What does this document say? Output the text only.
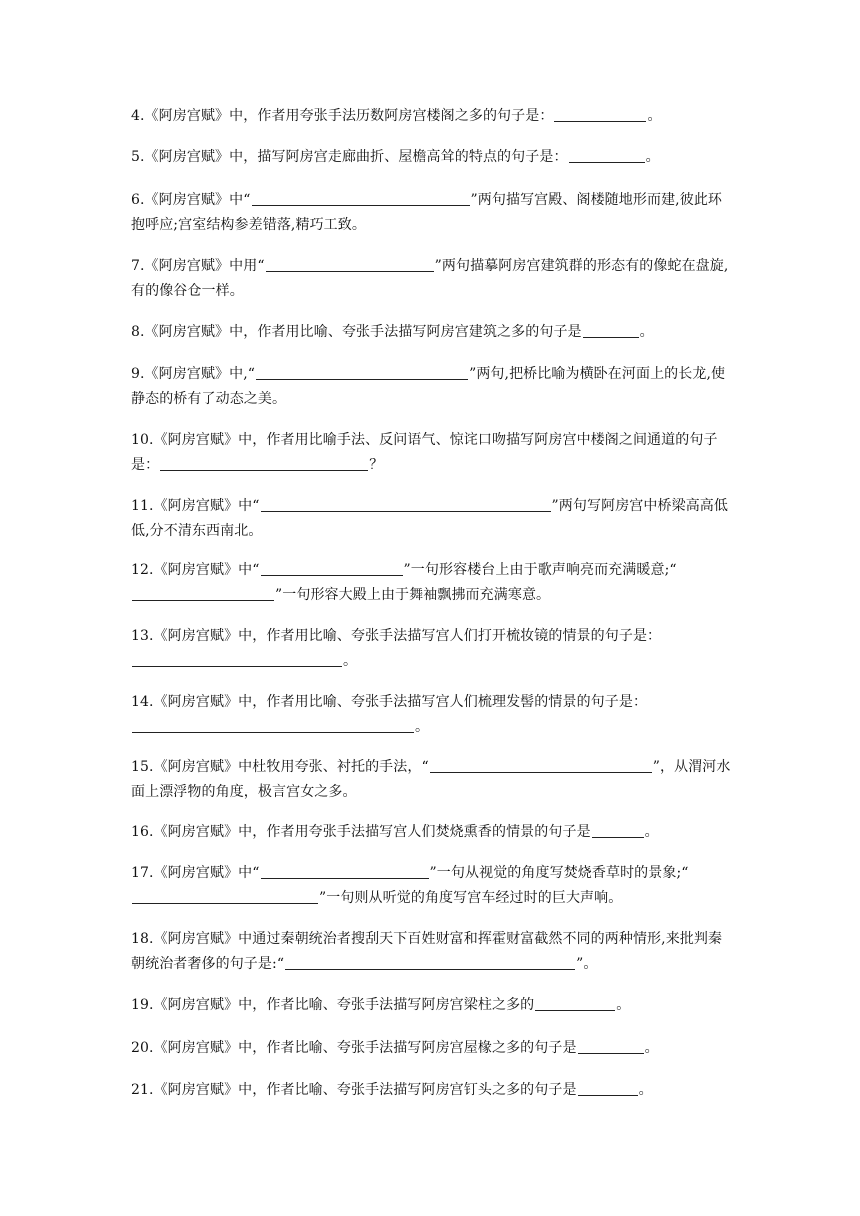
4.《阿房宫赋》中，作者用夸张手法历数阿房宫楼阁之多的句子是：	。
5.《阿房宫赋》中，描写阿房宫走廊曲折、屋檐高耸的特点的句子是：	。
6.《阿房宫赋》中“	”两句描写宫殿、阁楼随地形而建,彼此环抱呼应;宫室结构参差错落,精巧工致。
7.《阿房宫赋》中用“	”两句描摹阿房宫建筑群的形态有的像蛇在盘旋,有的像谷仓一样。
8.《阿房宫赋》中，作者用比喻、夸张手法描写阿房宫建筑之多的句子是	。
9.《阿房宫赋》中,“	”两句,把桥比喻为横卧在河面上的长龙,使静态的桥有了动态之美。
10.《阿房宫赋》中，作者用比喻手法、反问语气、惊诧口吻描写阿房宫中楼阁之间通道的句子是：	？
11.《阿房宫赋》中“	”两句写阿房宫中桥梁高高低低,分不清东西南北。
12.《阿房宫赋》中“	”一句形容楼台上由于歌声响亮而充满暖意;“”一句形容大殿上由于舞袖飘拂而充满寒意。
13.《阿房宫赋》中，作者用比喻、夸张手法描写宫人们打开梳妆镜的情景的句子是：。
14.《阿房宫赋》中，作者用比喻、夸张手法描写宫人们梳理发髻的情景的句子是：。
15.《阿房宫赋》中杜牧用夸张、衬托的手法，“	”，从渭河水面上漂浮物的角度，极言宫女之多。
16.《阿房宫赋》中，作者用夸张手法描写宫人们焚烧熏香的情景的句子是	。
17.《阿房宫赋》中“	”一句从视觉的角度写焚烧香草时的景象;“”一句则从听觉的角度写宫车经过时的巨大声响。
18.《阿房宫赋》中通过秦朝统治者搜刮天下百姓财富和挥霍财富截然不同的两种情形,来批判秦朝统治者奢侈的句子是:“	”。
19.《阿房宫赋》中，作者比喻、夸张手法描写阿房宫梁柱之多的	。
20.《阿房宫赋》中，作者比喻、夸张手法描写阿房宫屋椽之多的句子是	。
21.《阿房宫赋》中，作者比喻、夸张手法描写阿房宫钉头之多的句子是	。
